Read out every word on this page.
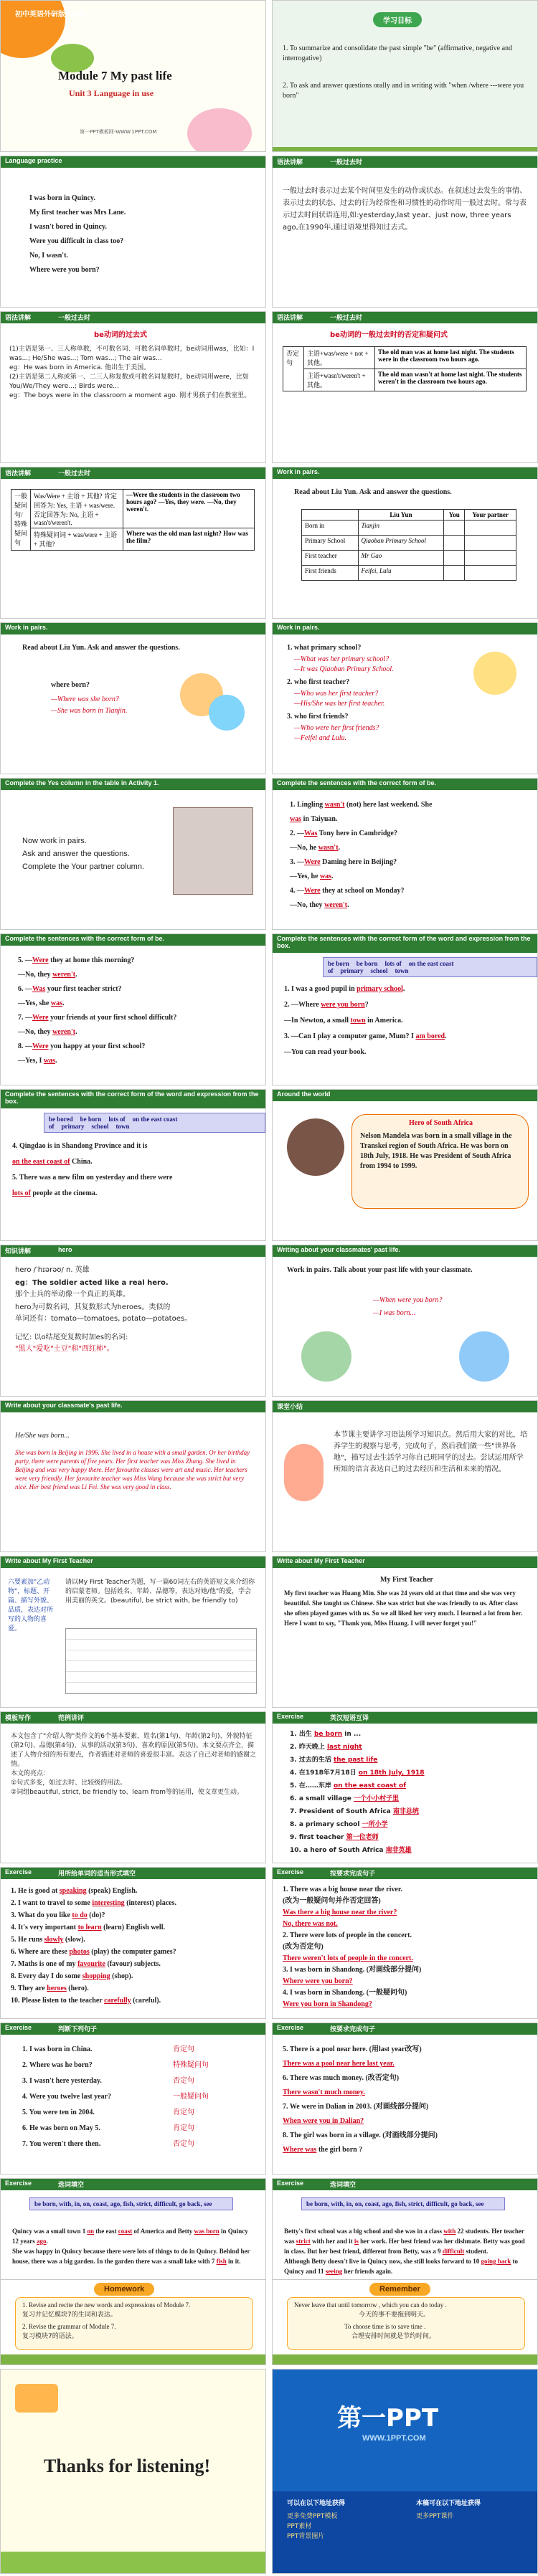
初中英语外研版七年级下
Module 7 My past life
Unit 3 Language in use
第一PPT模板网-WWW.1PPT.COM
学习目标
1. To summarize and consolidate the past simple "be" (affirmative, negative and interrogative)
2. To ask and answer questions orally and in writing with "when /where ---were you born"
Language practice
I was born in Quincy.
My first teacher was Mrs Lane.
I wasn't bored in Quincy.
Were you difficult in class too?
No, I wasn't.
Where were you born?
语法讲解	一般过去时
一般过去时表示过去某个时间里发生的动作或状态。在叙述过去发生的事情、表示过去的状态、过去的行为经常性和习惯性的动作时用一般过去时。常与表示过去时间状语连用,如:yesterday,last year、just now, three years ago,在1990年,通过语境里得知过去式。
语法讲解	一般过去时
be动词的过去式
(1)主语是第一、三人称单数，不可数名词、可数名词单数时，be动词用was，比如：I was...; He/She was...; Tom was...; The air was...
eg：He was born in America. 他出生于美国。
(2)主语是第二人称或第一、二三人称复数或可数名词复数时，be动词用were，比如You/We/They were...; Birds were...
eg：The boys were in the classroom a moment ago. 刚才男孩子们在教室里。
语法讲解	一般过去时
be动词的一般过去时的否定和疑问式
否定句	主语+was/were + not + 其他。	The old man was at home last night. The students were in the classroom two hours ago.
	主语+wasn't/weren't + 其他。	The old man wasn't at home last night. The students weren't in the classroom two hours ago.
语法讲解	一般过去时
一般疑问句/特殊疑问句	Was/Were + 主语 + 其他? 肯定回答为: Yes, 主语 + was/were. 否定回答为: No, 主语 + wasn't/weren't.	—Were the students in the classroom two hours ago? —Yes, they were. —No, they weren't.
	特殊疑问词 + was/were + 主语 + 其他?	Where was the old man last night? How was the film?
Work in pairs.
Read about Liu Yun. Ask and answer the questions.
	Liu Yun	You	Your partner
Born in	Tianjin		
Primary School	Qiaoban Primary School		
First teacher	Mr Gao		
First friends	Feifei, Lulu		
Work in pairs.
Read about Liu Yun. Ask and answer the questions.
where born?
—Where was she born?
—She was born in Tianjin.
Work in pairs.
1. what primary school?
—What was her primary school?
—It was Qiaoban Primary School.
2. who first teacher?
—Who was her first teacher?
—His/She was her first teacher.
3. who first friends?
—Who were her first friends?
—Feifei and Lulu.
Complete the Yes column in the table in Activity 1.
Now work in pairs.
Ask and answer the questions.
Complete the Your partner column.
Complete the sentences with the correct form of be.
1. Lingling wasn't (not) here last weekend. She
was in Taiyuan.
2. —Was Tony here in Cambridge?
—No, he wasn't.
3. —Were Daming here in Beijing?
—Yes, he was.
4. —Were they at school on Monday?
—No, they weren't.
Complete the sentences with the correct form of be.
5. —Were they at home this morning?
—No, they weren't.
6. —Was your first teacher strict?
—Yes, she was.
7. —Were your friends at your first school difficult?
—No, they weren't.
8. —Were you happy at your first school?
—Yes, I was.
Complete the sentences with the correct form of the word and expression from the box.
be born be born lots of on the east coast of primary school town
1. I was a good pupil in primary school.
2. —Where were you born?
—In Newton, a small town in America.
3. —Can I play a computer game, Mum? I am bored.
—You can read your book.
Complete the sentences with the correct form of the word and expression from the box.
be bored be born lots of on the east coast of primary school town
4. Qingdao is in Shandong Province and it is
on the east coast of China.
5. There was a new film on yesterday and there were
lots of people at the cinema.
Around the world
Hero of South Africa
Nelson Mandela was born in a small village in the Transkei region of South Africa. He was born on 18th July, 1918. He was President of South Africa from 1994 to 1999.
知识讲解	hero
hero /ˈhɪərəʊ/ n. 英雄
eg：The soldier acted like a real hero.
那个士兵的举动像一个真正的英雄。
hero为可数名词，其复数形式为heroes。类似的
单词还有：tomato—tomatoes, potato—potatoes。
记忆: 以o结尾变复数时加es的名词:
"黑人"爱吃"土豆"和"西红柿"。
Writing about your classmates' past life.
Work in pairs. Talk about your past life with your classmate.
—When were you born?
—I was born...
Write about your classmate's past life.
He/She was born...
She was born in Beijing in 1996. She lived in a house with a small garden. Or her birthday party, there were parents of five years. Her first teacher was Miss Zhang. She lived in Beijing and was very happy there. Her favourite classes were art and music. Her teachers were very friendly. Her favourite teacher was Miss Wang because she was strict but very nice. Her best friend was Li Fei. She was very good in class.
课堂小结
本节课主要讲学习语法所学习知识点。然后用大家的对比，培养学生的观察与思考，完成句子，然后我们做一些"世界各地"，描写过去生活学习你自己班同学的过去。尝试运用所学所知的语言表达自己的过去经历和生活和未来的情况。
Write about My First Teacher
六要素加"乙动物"，标题、开篇、描写外貌、品质，表达对所写的人物的喜爱。
请以My First Teacher为题，写一篇60词左右的英语短文来介绍你的启蒙老师。包括姓名、年龄、品德等，表达对她/他"的爱，学会用美丽的英文。(beautiful, be strict with, be friendly to)
Write about My First Teacher
My First Teacher
My first teacher was Huang Min. She was 24 years old at that time and she was very beautiful. She taught us Chinese. She was strict but she was friendly to us. After class she often played games with us. So we all liked her very much. I learned a lot from her. Here I want to say, "Thank you, Miss Huang. I will never forget you!"
模板写作	范例讲评
本文包含了"介绍人物"类作文的6个基本要素，姓名(第1句)、年龄(第2句)、外貌特征(第2句)、品德(第4句)、从事的活动(第3句)、喜欢的原因(第5句)。本文要点齐全，描述了人物介绍的所有要点，作者描述对老师的喜爱很丰富。表达了自己对老师的感谢之情。
本文的亮点：
①句式多变，如过去时、比较级的用法。
②词组beautiful, strict, be friendly to、learn from等的运用，使文章更生动。
Exercise	英汉短语互译
1. 出生 be born in ...
2. 昨天晚上 last night
3. 过去的生活 the past life
4. 在1918年7月18日 on 18th July, 1918
5. 在……东岸 on the east coast of
6. a small village 一个小小村子里
7. President of South Africa 南非总统
8. a primary school 一所小学
9. first teacher 第一位老师
10. a hero of South Africa 南非英雄
Exercise	用所给单词的适当形式填空
1. He is good at speaking (speak) English.
2. I want to travel to some interesting (interest) places.
3. What do you like to do (do)?
4. It's very important to learn (learn) English well.
5. He runs slowly (slow).
6. Where are these photos (play) the computer games?
7. Maths is one of my favourite (favour) subjects.
8. Every day I do some shopping (shop).
9. They are heroes (hero).
10. Please listen to the teacher carefully (careful).
Exercise	按要求完成句子
1. There was a big house near the river.
(改为一般疑问句并作否定回答)
Was there a big house near the river?
No, there was not.
2. There were lots of people in the concert.
(改为否定句)
There weren't lots of people in the concert.
3. I was born in Shandong. (对画线部分提问)
Where were you born?
4. I was born in Shandong. (一般疑问句)
Were you born in Shandong?
Exercise	判断下列句子
1. I was born in China.	肯定句
2. Where was he born?	特殊疑问句
3. I wasn't here yesterday.	否定句
4. Were you twelve last year?	一般疑问句
5. You were ten in 2004.	肯定句
6. He was born on May 5.	肯定句
7. You weren't there then.	否定句
Exercise	按要求完成句子
5. There is a pool near here. (用last year改写)
There was a pool near here last year.
6. There was much money. (改否定句)
There wasn't much money.
7. We were in Dalian in 2003. (对画线部分提问)
When were you in Dalian?
8. The girl was born in a village. (对画线部分提问)
Where was the girl born ?
Exercise	选词填空
be born, with, in, on, coast, ago, fish, strict, difficult, go back, see
Quincy was a small town 1 on the east coast of America and Betty was born in Quincy 12 years ago.
She was happy in Quincy because there were lots of things to do in Quincy. Behind her house, there was a big garden. In the garden there was a small lake with 7 fish in it.
Exercise	选词填空
be born, with, in, on, coast, ago, fish, strict, difficult, go back, see
Betty's first school was a big school and she was in a class with 22 students. Her teacher was strict with her and it is her work. Her best friend was her dishmate. Betty was good in class. But her best friend, different from Betty, was a 9 difficult student.
Although Betty doesn't live in Quincy now, she still looks forward to 10 going back to Quincy and 11 seeing her friends again.
Homework
1. Revise and recite the new words and expressions of Module 7.
复习并记忆模块7的生词和表达。
2. Revise the grammar of Module 7.
复习模块7的语法。
Remember
Never leave that until tomorrow , which you can do today .
今天的事不要拖到明天。
To choose time is to save time .
合理安排时间就是节约时间。
Thanks for listening!
第一PPT
WWW.1PPT.COM
可以在以下地址获得
更多免费PPT模板
PPT素材
PPT背景图片
本稿可在以下地址获得
更多PPT课件
